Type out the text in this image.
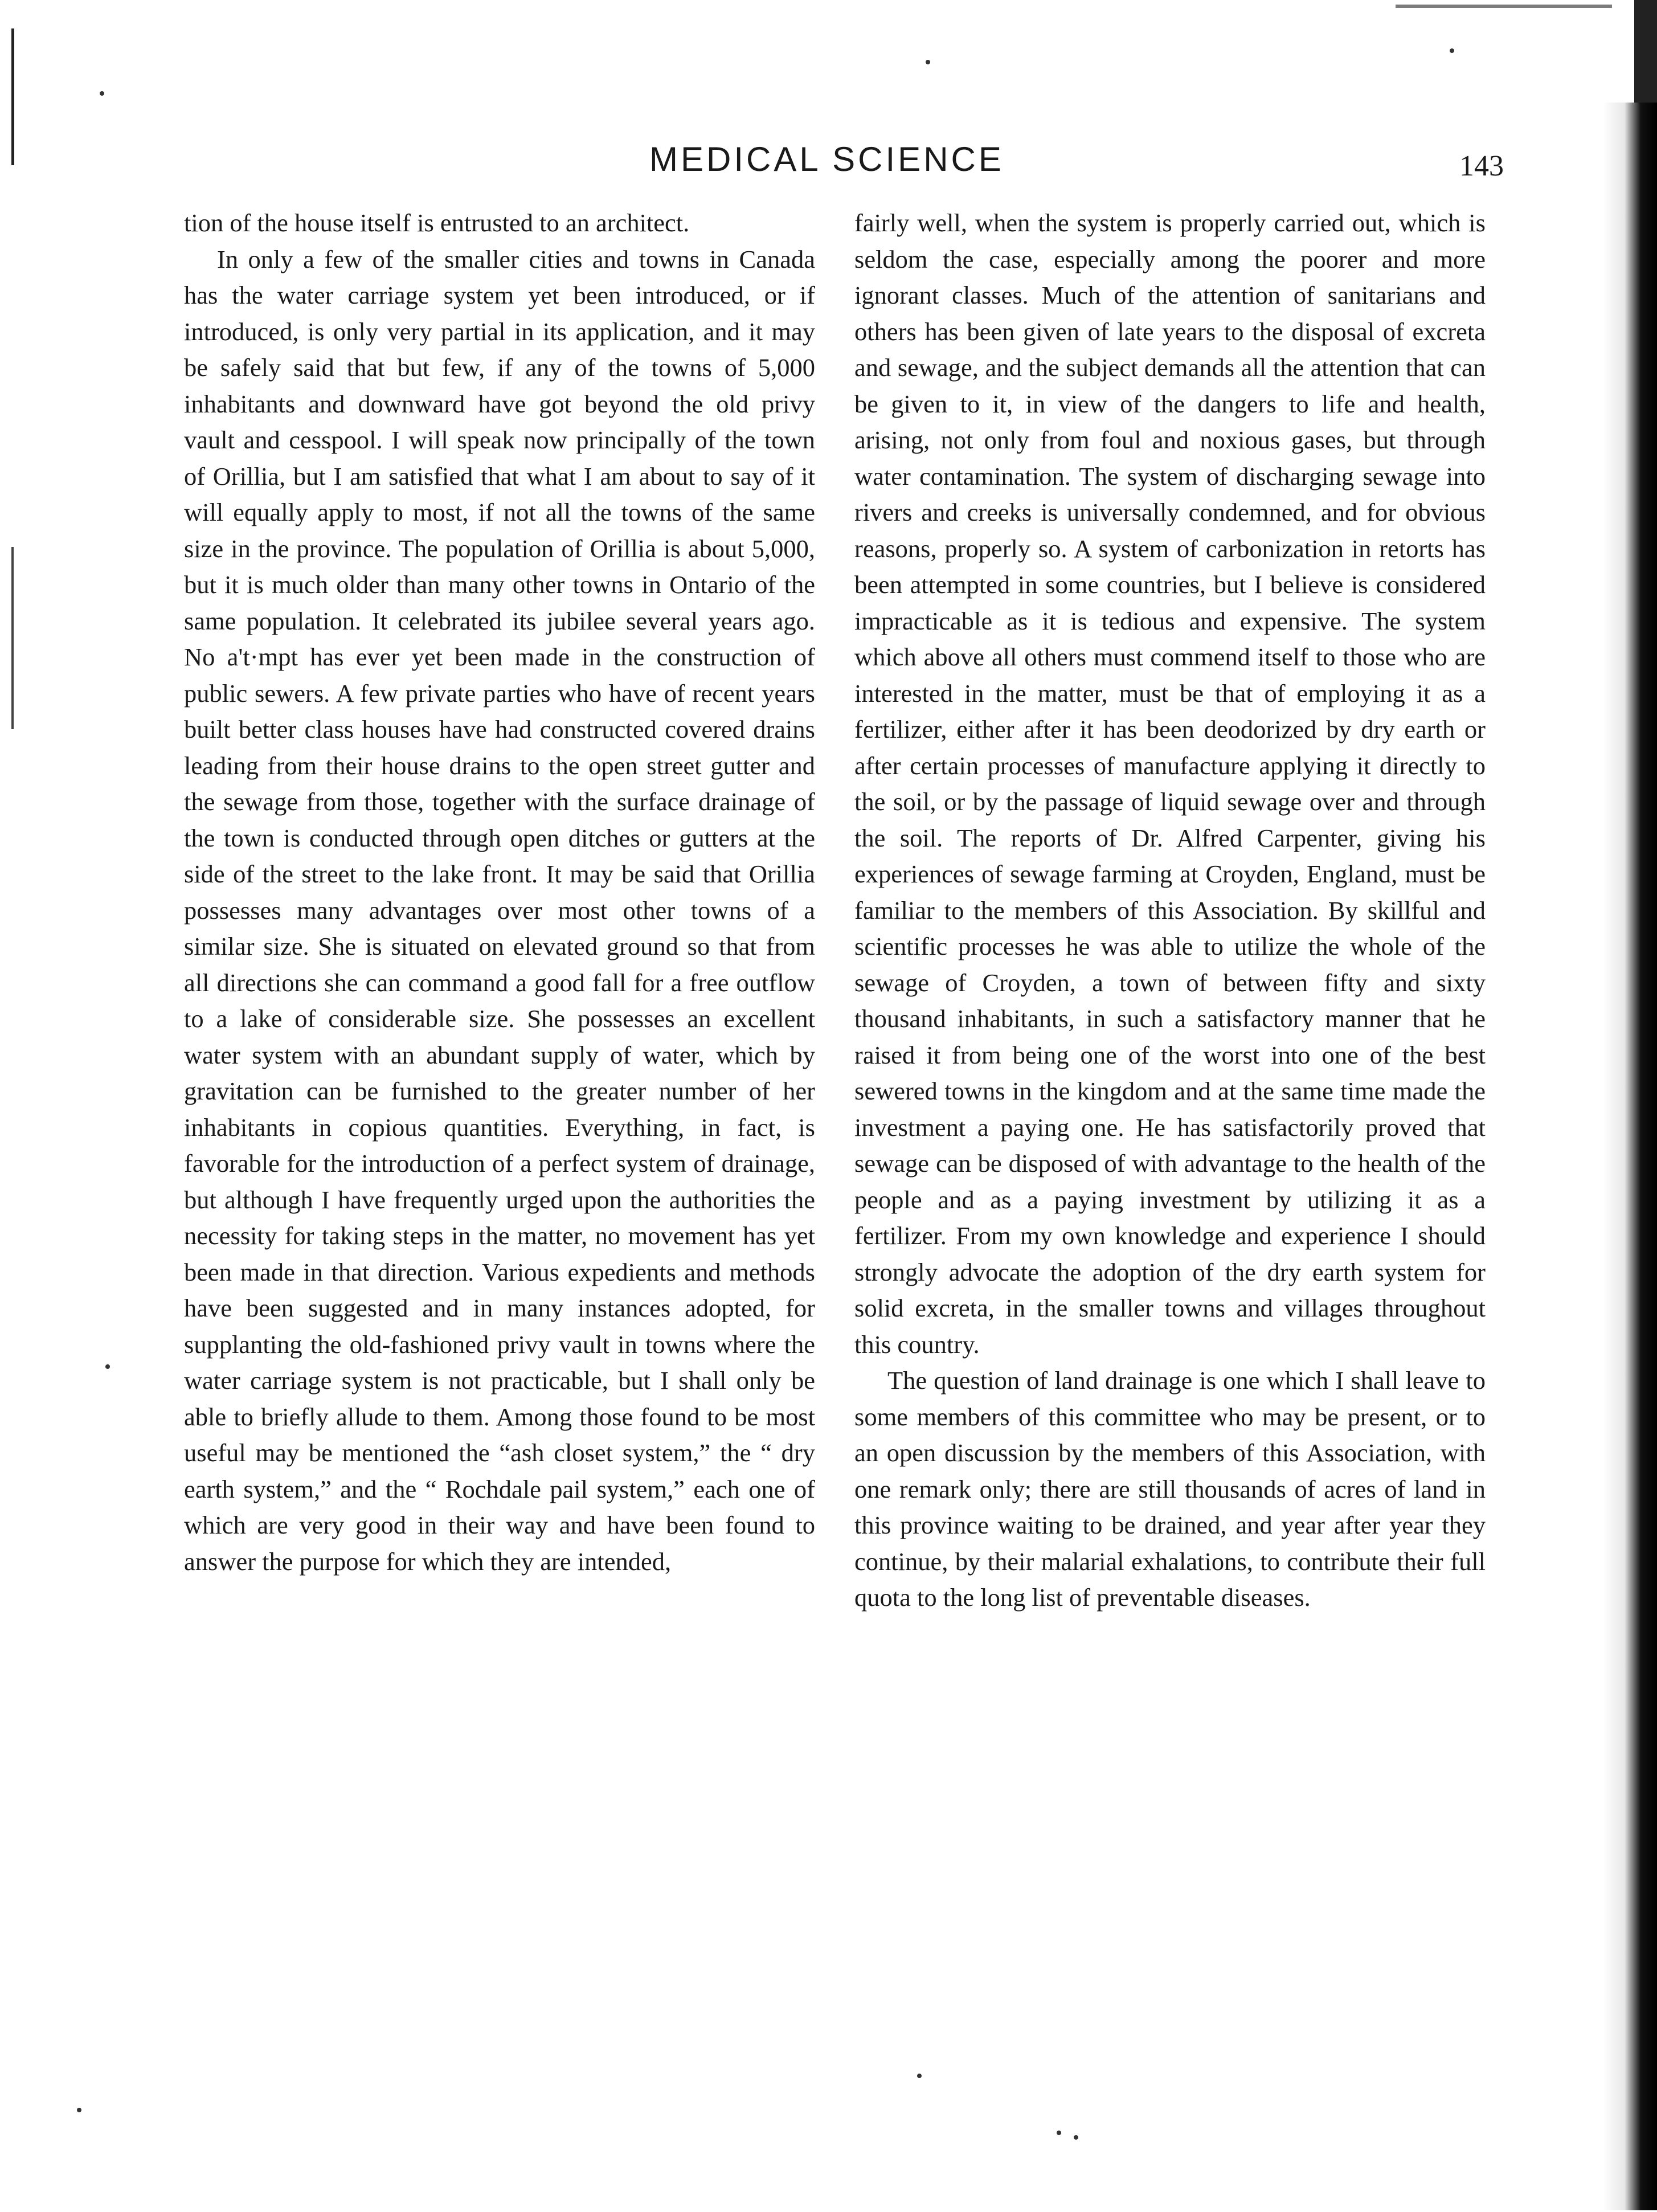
MEDICAL SCIENCE	143

tion of the house itself is entrusted to an architect.

In only a few of the smaller cities and towns in Canada has the water carriage system yet been introduced, or if introduced, is only very partial in its application, and it may be safely said that but few, if any of the towns of 5,000 inhabitants and downward have got beyond the old privy vault and cesspool. I will speak now principally of the town of Orillia, but I am satisfied that what I am about to say of it will equally apply to most, if not all the towns of the same size in the province. The population of Orillia is about 5,000, but it is much older than many other towns in Ontario of the same population. It celebrated its jubilee several years ago. No a't·mpt has ever yet been made in the construction of public sewers. A few private parties who have of recent years built better class houses have had constructed covered drains leading from their house drains to the open street gutter and the sewage from those, together with the surface drainage of the town is conducted through open ditches or gutters at the side of the street to the lake front. It may be said that Orillia possesses many advantages over most other towns of a similar size. She is situated on elevated ground so that from all directions she can command a good fall for a free outflow to a lake of considerable size. She possesses an excellent water system with an abundant supply of water, which by gravitation can be furnished to the greater number of her inhabitants in copious quantities. Everything, in fact, is favorable for the introduction of a perfect system of drainage, but although I have frequently urged upon the authorities the necessity for taking steps in the matter, no movement has yet been made in that direction. Various expedients and methods have been suggested and in many instances adopted, for supplanting the old-fashioned privy vault in towns where the water carriage system is not practicable, but I shall only be able to briefly allude to them. Among those found to be most useful may be mentioned the “ash closet system,” the “ dry earth system,” and the “ Rochdale pail system,” each one of which are very good in their way and have been found to answer the purpose for which they are intended,

fairly well, when the system is properly carried out, which is seldom the case, especially among the poorer and more ignorant classes. Much of the attention of sanitarians and others has been given of late years to the disposal of excreta and sewage, and the subject demands all the attention that can be given to it, in view of the dangers to life and health, arising, not only from foul and noxious gases, but through water contamination. The system of discharging sewage into rivers and creeks is universally condemned, and for obvious reasons, properly so. A system of carbonization in retorts has been attempted in some countries, but I believe is considered impracticable as it is tedious and expensive. The system which above all others must commend itself to those who are interested in the matter, must be that of employing it as a fertilizer, either after it has been deodorized by dry earth or after certain processes of manufacture applying it directly to the soil, or by the passage of liquid sewage over and through the soil. The reports of Dr. Alfred Carpenter, giving his experiences of sewage farming at Croyden, England, must be familiar to the members of this Association. By skillful and scientific processes he was able to utilize the whole of the sewage of Croyden, a town of between fifty and sixty thousand inhabitants, in such a satisfactory manner that he raised it from being one of the worst into one of the best sewered towns in the kingdom and at the same time made the investment a paying one. He has satisfactorily proved that sewage can be disposed of with advantage to the health of the people and as a paying investment by utilizing it as a fertilizer. From my own knowledge and experience I should strongly advocate the adoption of the dry earth system for solid excreta, in the smaller towns and villages throughout this country.

The question of land drainage is one which I shall leave to some members of this committee who may be present, or to an open discussion by the members of this Association, with one remark only; there are still thousands of acres of land in this province waiting to be drained, and year after year they continue, by their malarial exhalations, to contribute their full quota to the long list of preventable diseases.
